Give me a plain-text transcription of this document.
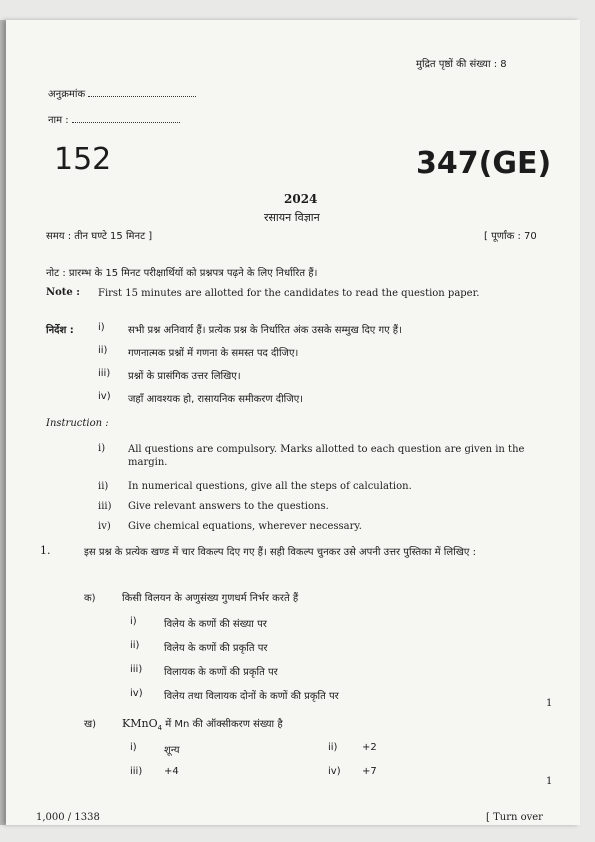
मुद्रित पृष्ठों की संख्या : 8
अनुक्रमांक
नाम :
152	347(GE)
2024
रसायन विज्ञान
समय : तीन घण्टे 15 मिनट ]	[ पूर्णांक : 70
नोट : प्रारम्भ के 15 मिनट परीक्षार्थियों को प्रश्नपत्र पढ़ने के लिए निर्धारित हैं।
Note : First 15 minutes are allotted for the candidates to read the question paper.
निर्देश : i) सभी प्रश्न अनिवार्य हैं। प्रत्येक प्रश्न के निर्धारित अंक उसके सम्मुख दिए गए हैं।
ii) गणनात्मक प्रश्नों में गणना के समस्त पद दीजिए।
iii) प्रश्नों के प्रासंगिक उत्तर लिखिए।
iv) जहाँ आवश्यक हो, रासायनिक समीकरण दीजिए।
Instruction :
i) All questions are compulsory. Marks allotted to each question are given in the margin.
ii) In numerical questions, give all the steps of calculation.
iii) Give relevant answers to the questions.
iv) Give chemical equations, wherever necessary.
1.	इस प्रश्न के प्रत्येक खण्ड में चार विकल्प दिए गए हैं। सही विकल्प चुनकर उसे अपनी उत्तर पुस्तिका में लिखिए :
क)	किसी विलयन के अणुसंख्य गुणधर्म निर्भर करते हैं
i)	विलेय के कणों की संख्या पर
ii) विलेय के कणों की प्रकृति पर
iii) विलायक के कणों की प्रकृति पर
iv) विलेय तथा विलायक दोनों के कणों की प्रकृति पर
1
ख) KMnO$_4$ में Mn की ऑक्सीकरण संख्या है
i)	शून्य	ii) +2
iii) +4	iv) +7
1
1,000 / 1338	[ Turn over
